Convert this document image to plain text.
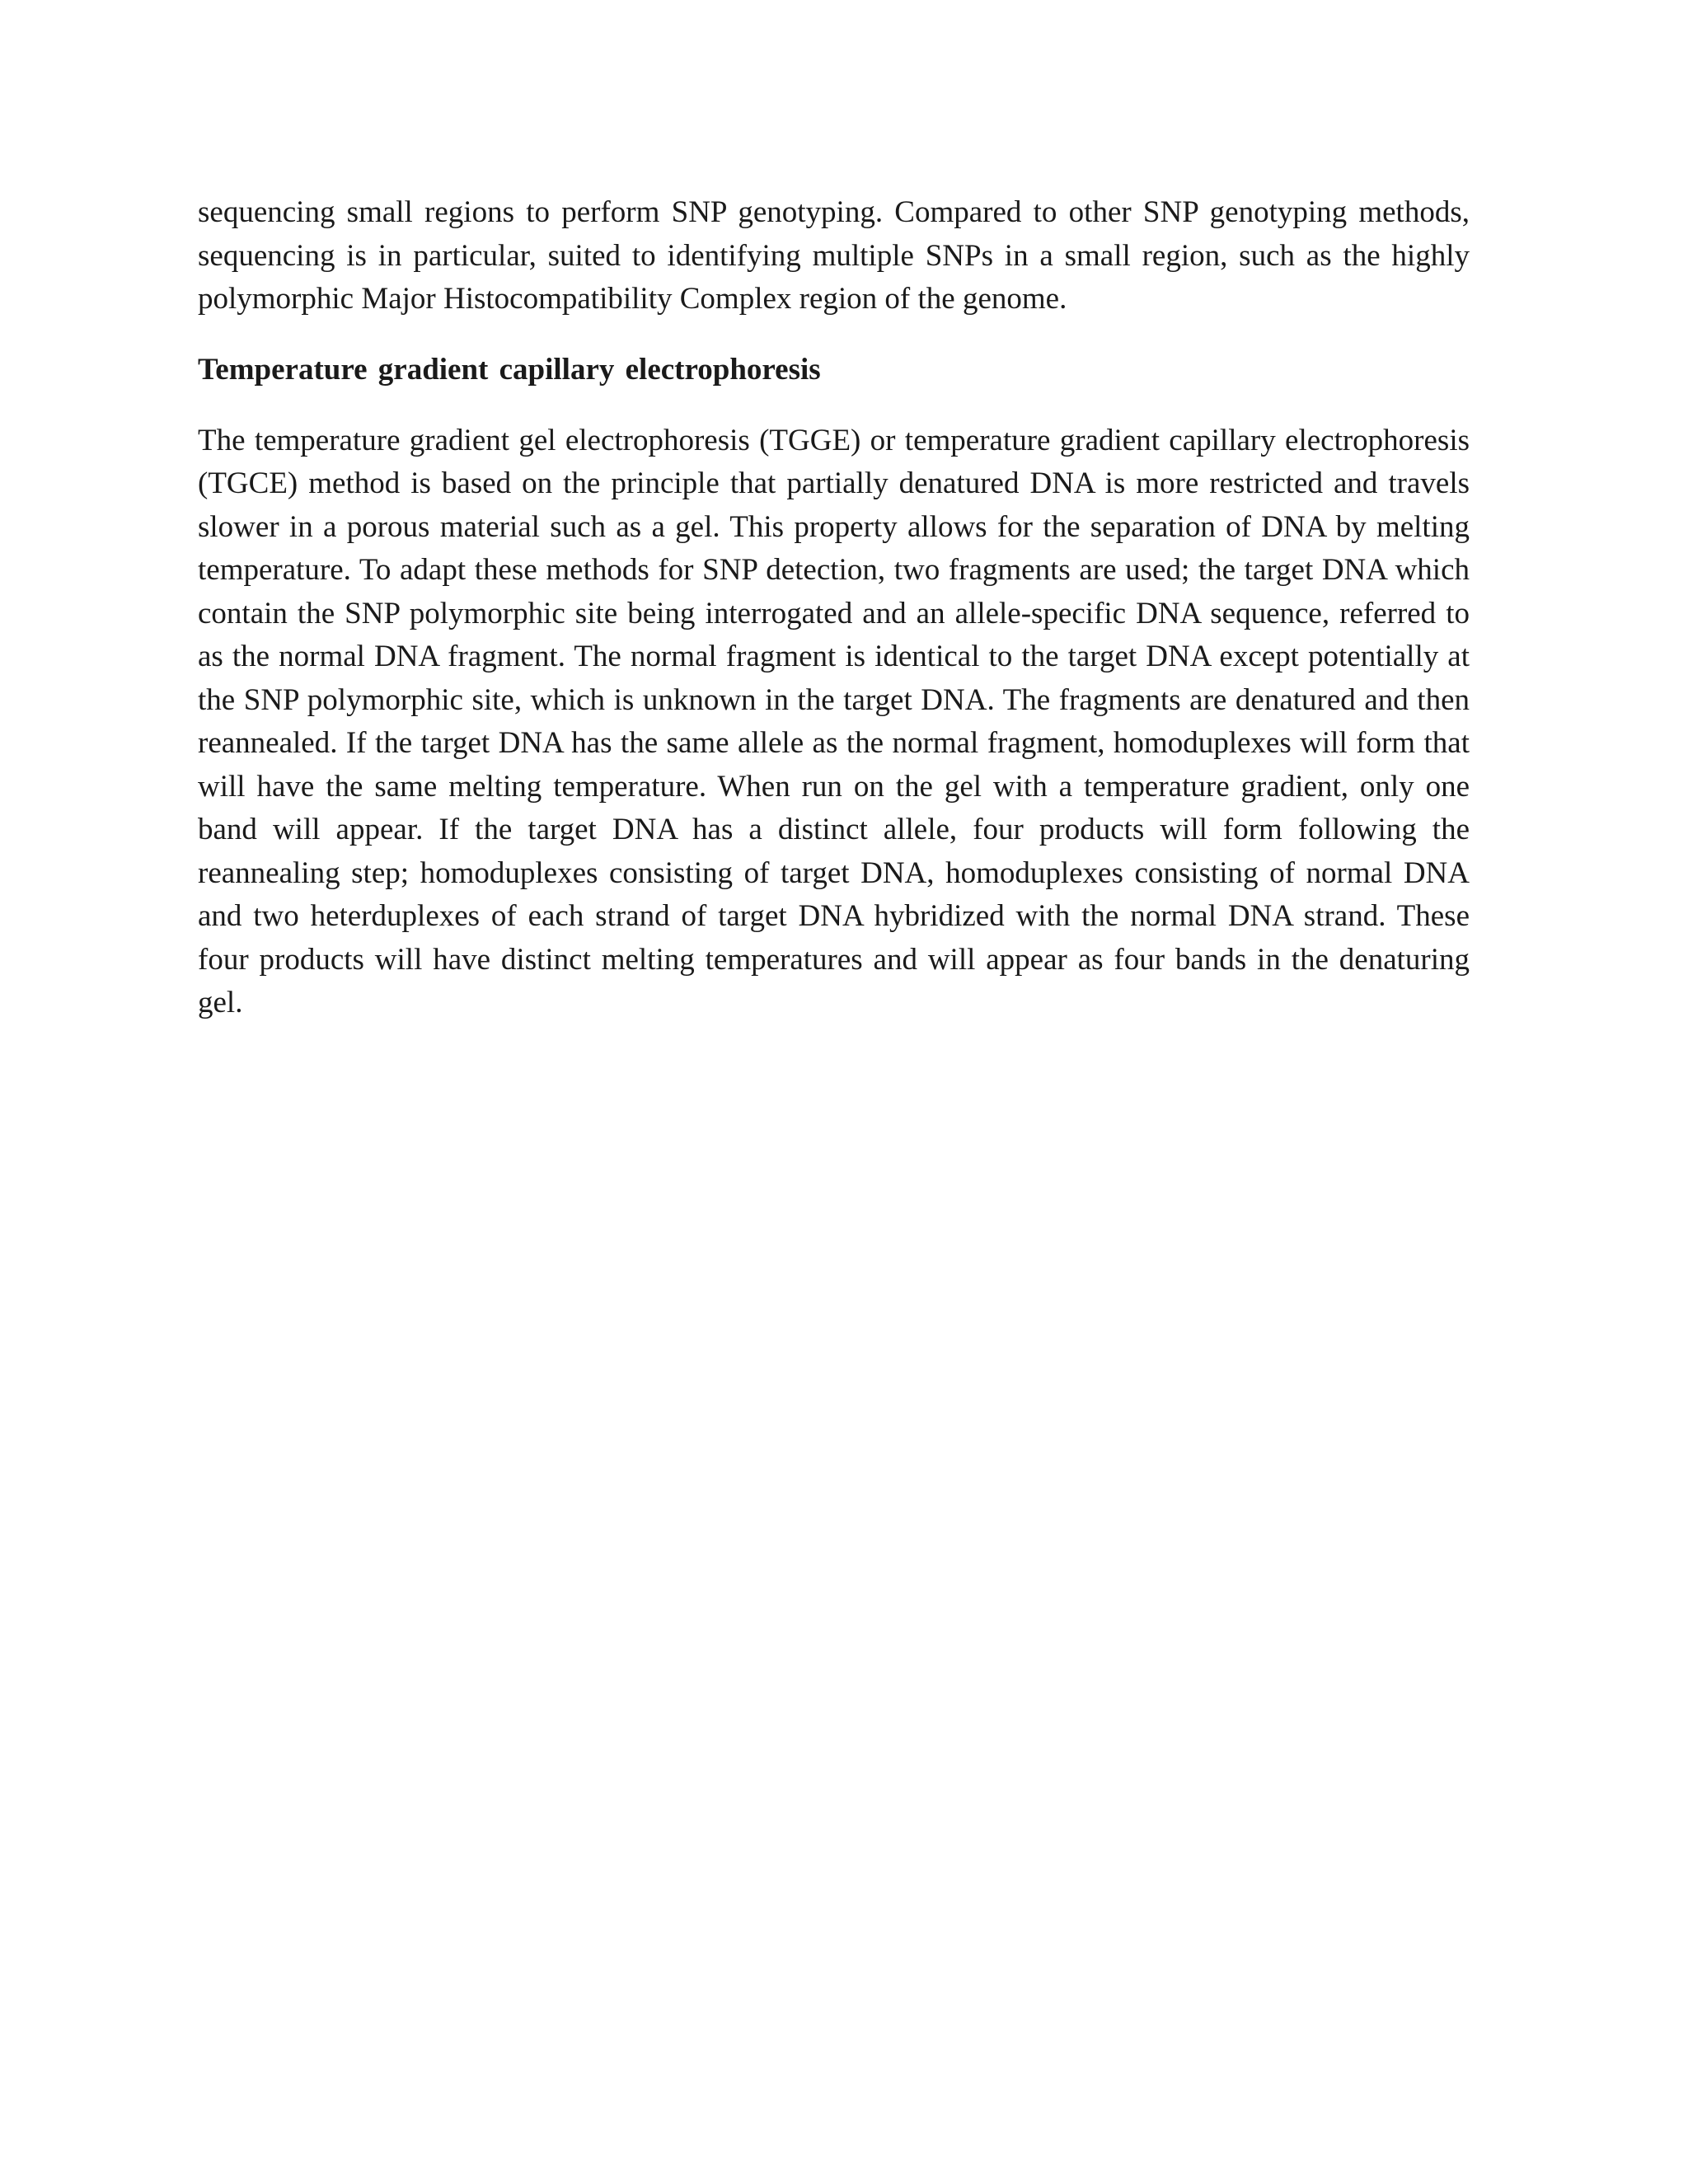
sequencing small regions to perform SNP genotyping. Compared to other SNP genotyping methods, sequencing is in particular, suited to identifying multiple SNPs in a small region, such as the highly polymorphic Major Histocompatibility Complex region of the genome.

Temperature gradient capillary electrophoresis

The temperature gradient gel electrophoresis (TGGE) or temperature gradient capillary electrophoresis (TGCE) method is based on the principle that partially denatured DNA is more restricted and travels slower in a porous material such as a gel. This property allows for the separation of DNA by melting temperature. To adapt these methods for SNP detection, two fragments are used; the target DNA which contain the SNP polymorphic site being interrogated and an allele-specific DNA sequence, referred to as the normal DNA fragment. The normal fragment is identical to the target DNA except potentially at the SNP polymorphic site, which is unknown in the target DNA. The fragments are denatured and then reannealed. If the target DNA has the same allele as the normal fragment, homoduplexes will form that will have the same melting temperature. When run on the gel with a temperature gradient, only one band will appear. If the target DNA has a distinct allele, four products will form following the reannealing step; homoduplexes consisting of target DNA, homoduplexes consisting of normal DNA and two heterduplexes of each strand of target DNA hybridized with the normal DNA strand. These four products will have distinct melting temperatures and will appear as four bands in the denaturing gel.
